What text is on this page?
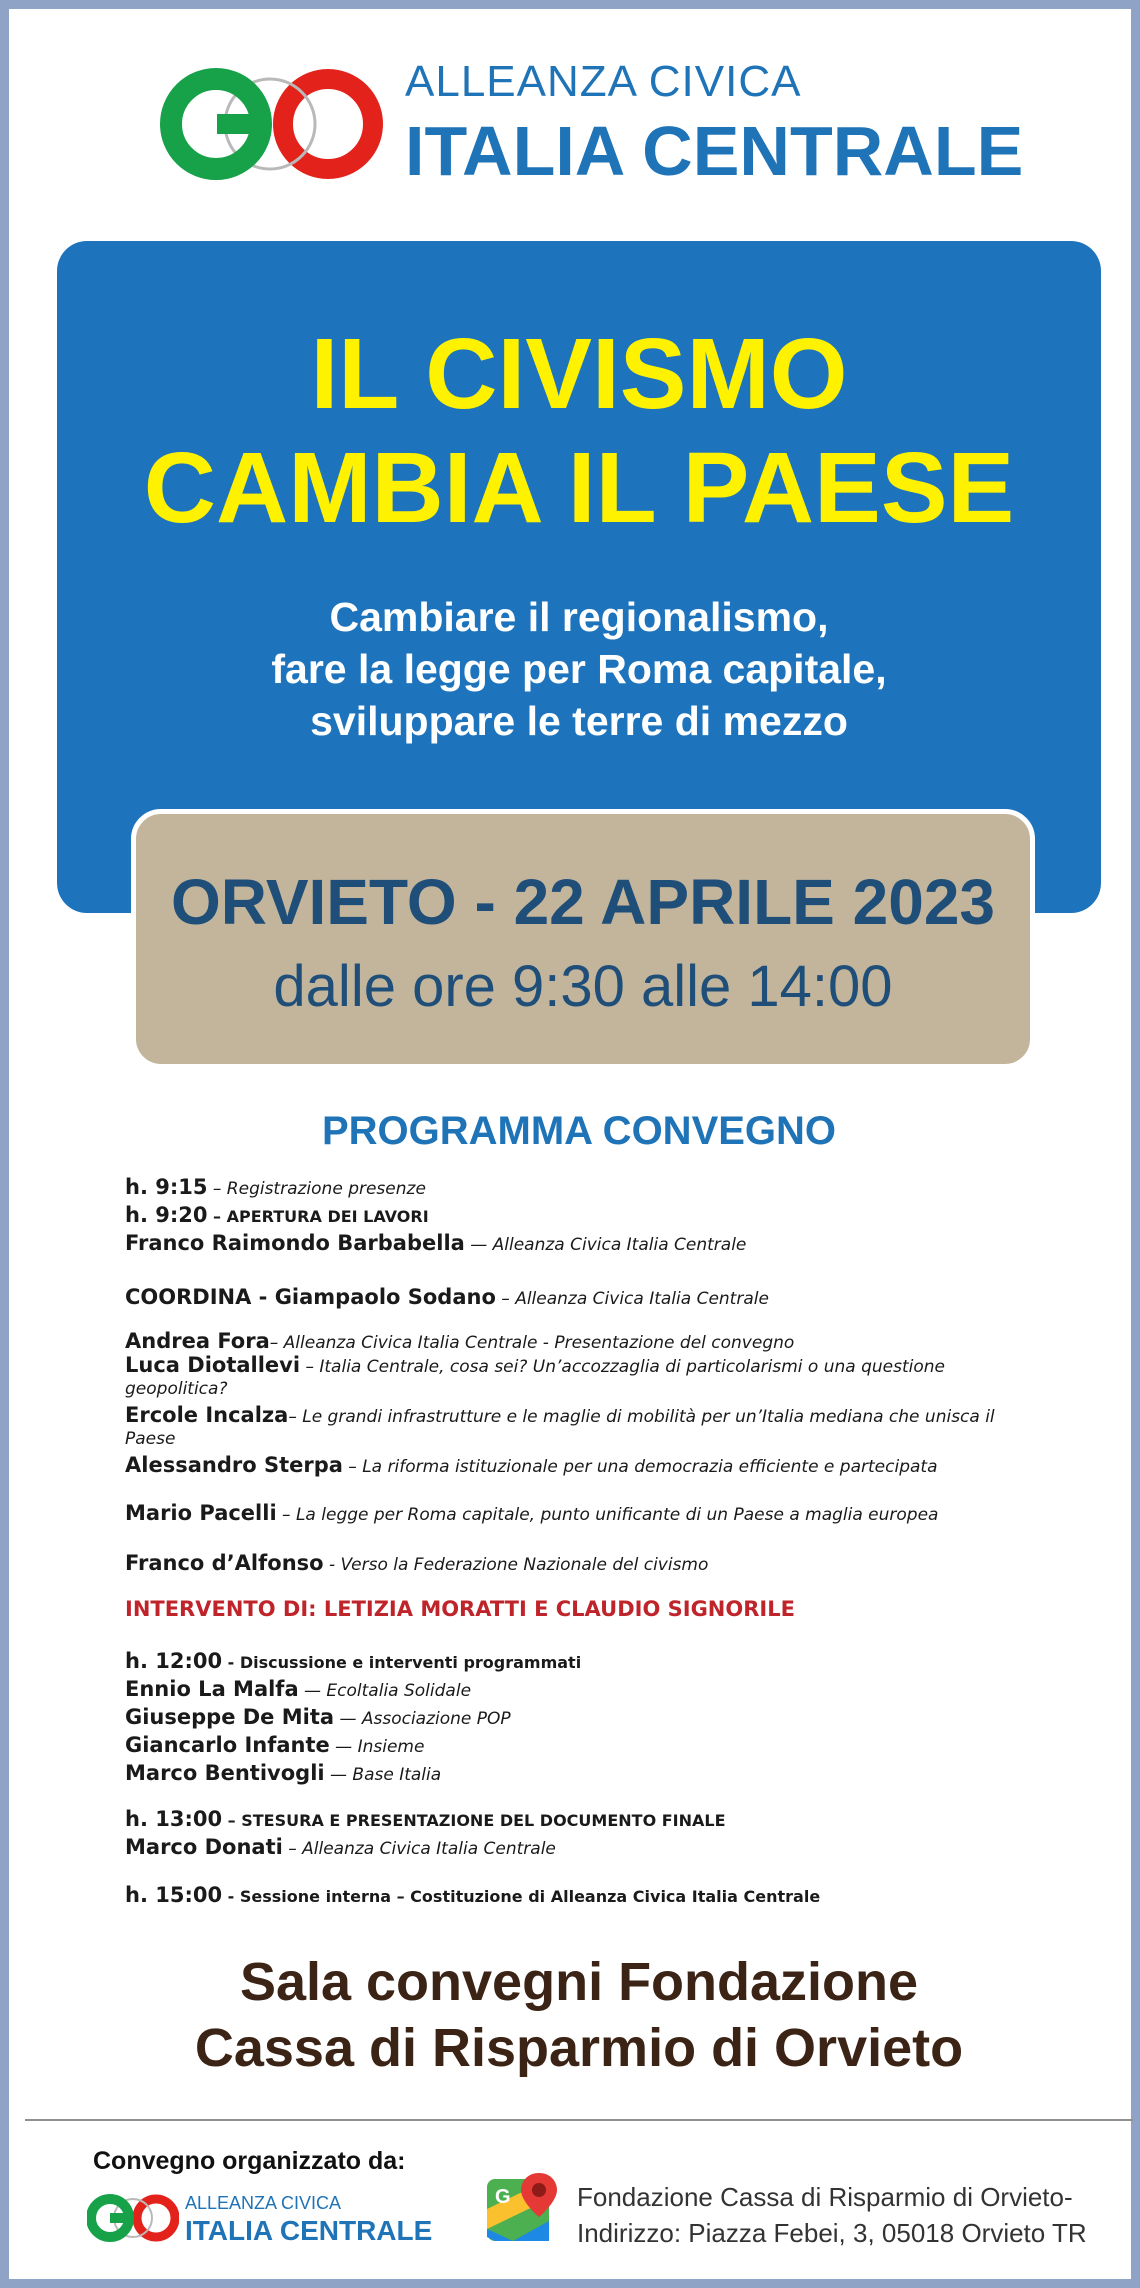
ALLEANZA CIVICA
ITALIA CENTRALE
IL CIVISMO
CAMBIA IL PAESE
Cambiare il regionalismo,
fare la legge per Roma capitale,
sviluppare le terre di mezzo
ORVIETO - 22 APRILE 2023
dalle ore 9:30 alle 14:00
PROGRAMMA CONVEGNO
h. 9:15 – Registrazione presenze
h. 9:20 – APERTURA DEI LAVORI
Franco Raimondo Barbabella — Alleanza Civica Italia Centrale
COORDINA - Giampaolo Sodano – Alleanza Civica Italia Centrale
Andrea Fora– Alleanza Civica Italia Centrale - Presentazione del convegno
Luca Diotallevi – Italia Centrale, cosa sei? Un’accozzaglia di particolarismi o una questione geopolitica?
Ercole Incalza– Le grandi infrastrutture e le maglie di mobilità per un’Italia mediana che unisca il Paese
Alessandro Sterpa – La riforma istituzionale per una democrazia efficiente e partecipata
Mario Pacelli – La legge per Roma capitale, punto unificante di un Paese a maglia europea
Franco d’Alfonso - Verso la Federazione Nazionale del civismo
INTERVENTO DI: LETIZIA MORATTI E CLAUDIO SIGNORILE
h. 12:00 - Discussione e interventi programmati
Ennio La Malfa — Ecoltalia Solidale
Giuseppe De Mita — Associazione POP
Giancarlo Infante — Insieme
Marco Bentivogli — Base Italia
h. 13:00 – STESURA E PRESENTAZIONE DEL DOCUMENTO FINALE
Marco Donati – Alleanza Civica Italia Centrale
h. 15:00 - Sessione interna – Costituzione di Alleanza Civica Italia Centrale
Sala convegni Fondazione
Cassa di Risparmio di Orvieto
Convegno organizzato da:
ALLEANZA CIVICA
ITALIA CENTRALE
G	Fondazione Cassa di Risparmio di Orvieto-
Indirizzo: Piazza Febei, 3, 05018 Orvieto TR
